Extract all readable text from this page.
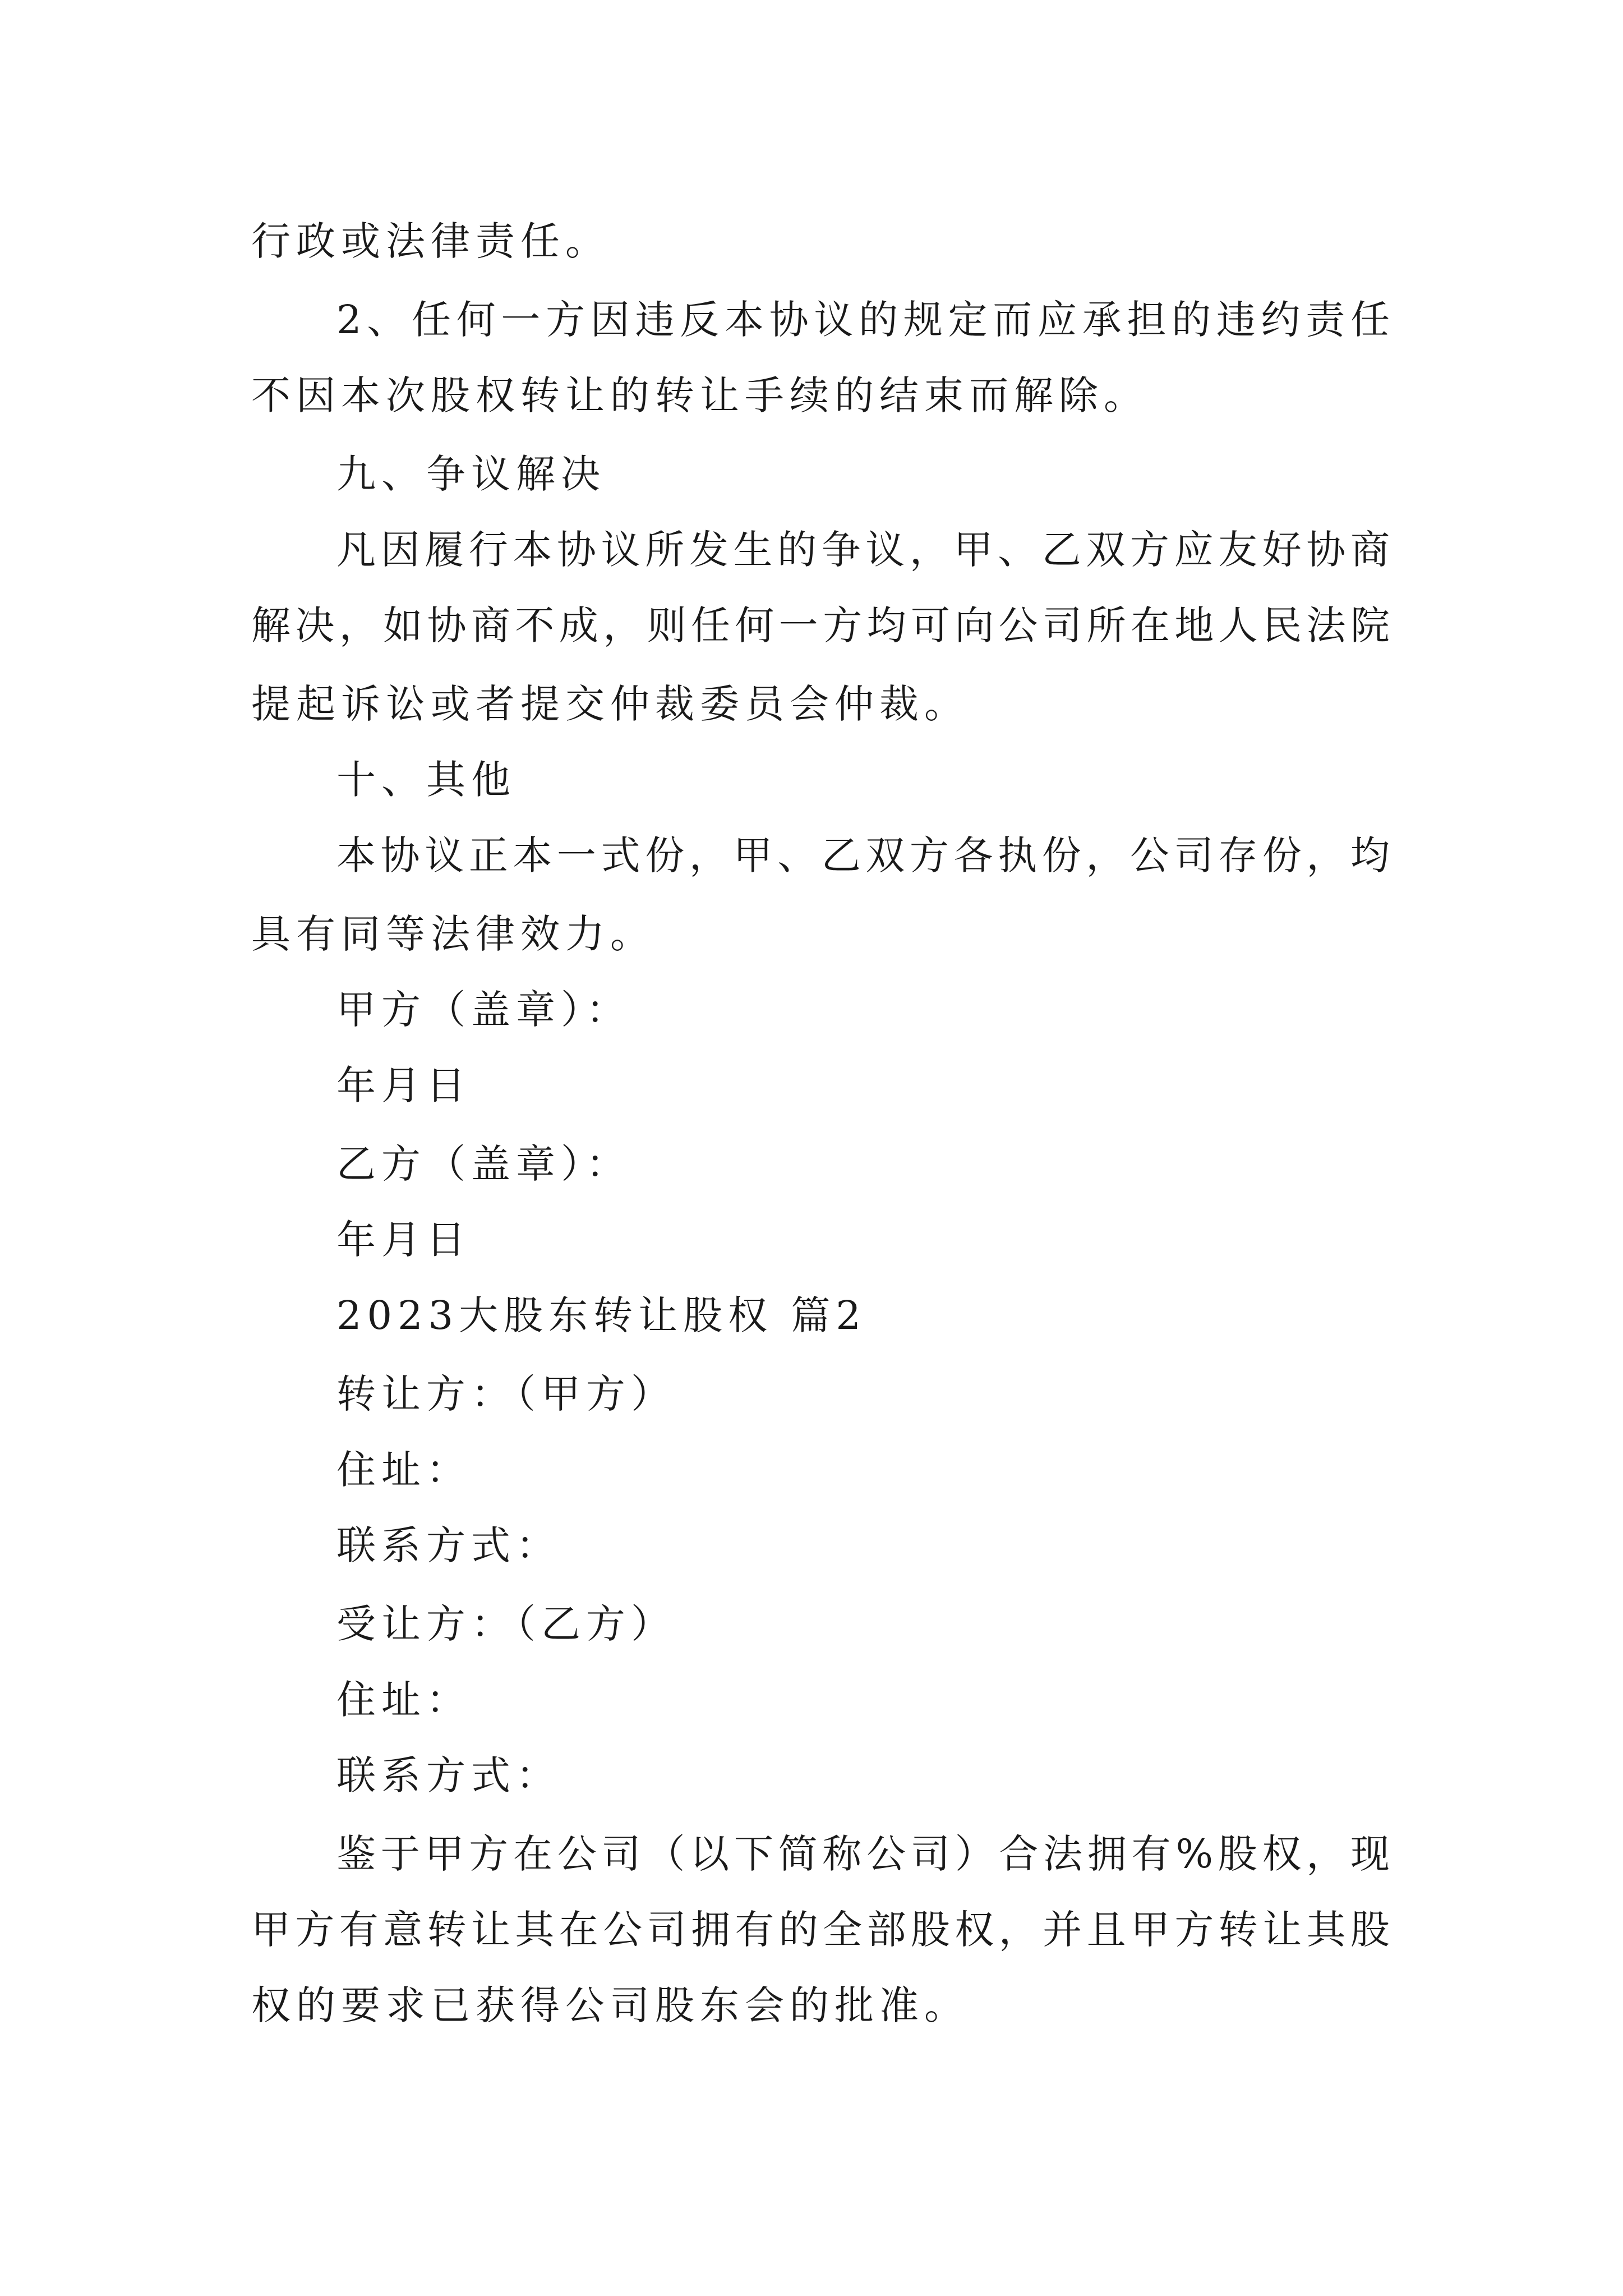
行政或法律责任。
2、任何一方因违反本协议的规定而应承担的违约责任
不因本次股权转让的转让手续的结束而解除。
九、争议解决
凡因履行本协议所发生的争议，甲、乙双方应友好协商
解决，如协商不成，则任何一方均可向公司所在地人民法院
提起诉讼或者提交仲裁委员会仲裁。
十、其他
本协议正本一式份，甲、乙双方各执份，公司存份，均
具有同等法律效力。
甲方（盖章）：
年月日
乙方（盖章）：
年月日
2023大股东转让股权 篇2
转让方：（甲方）
住址：
联系方式：
受让方：（乙方）
住址：
联系方式：
鉴于甲方在公司（以下简称公司）合法拥有%股权，现
甲方有意转让其在公司拥有的全部股权，并且甲方转让其股
权的要求已获得公司股东会的批准。
